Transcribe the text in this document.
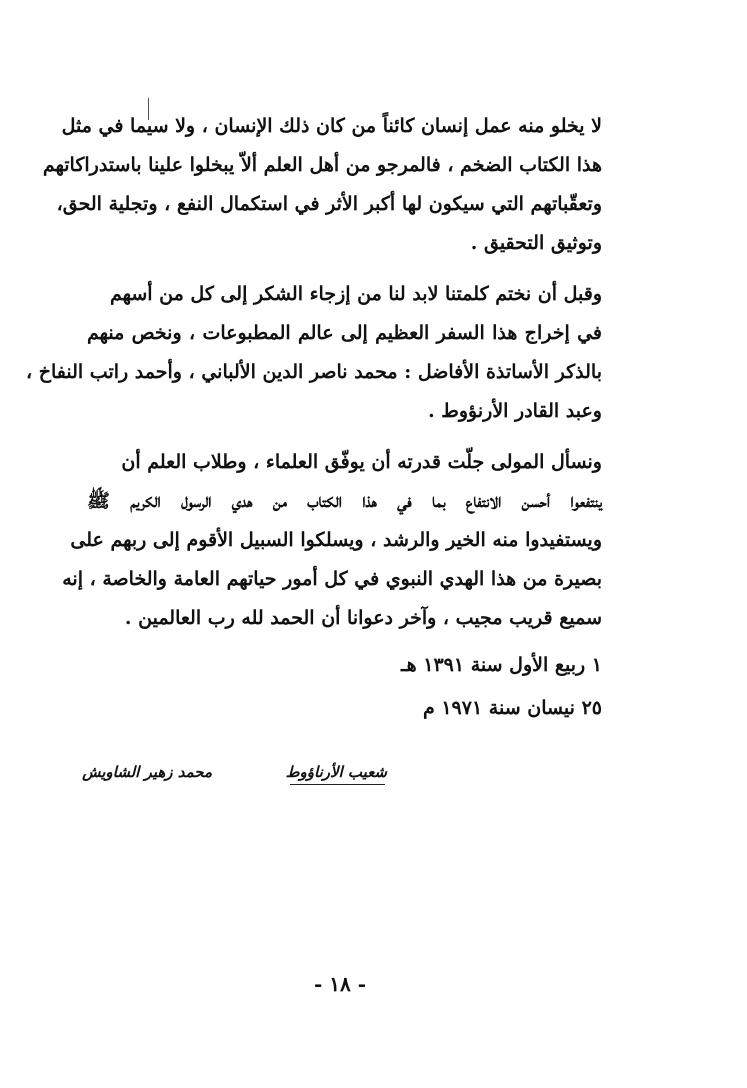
لا يخلو منه عمل إنسان كائناً من كان ذلك الإنسان ، ولا سيما في مثل
هذا الكتاب الضخم ، فالمرجو من أهل العلم ألاّ يبخلوا علينا باستدراكاتهم
وتعقّباتهم التي سيكون لها أكبر الأثر في استكمال النفع ، وتجلية الحق،
وتوثيق التحقيق .
وقبل أن نختم كلمتنا لابد لنا من إزجاء الشكر إلى كل من أسهم
في إخراج هذا السفر العظيم إلى عالم المطبوعات ، ونخص منهم
بالذكر الأساتذة الأفاضل : محمد ناصر الدين الألباني ، وأحمد راتب النفاخ ،
وعبد القادر الأرنؤوط .
ونسأل المولى جلّت قدرته أن يوفّق العلماء ، وطلاب العلم أن
ينتفعوا أحسن الانتفاع بما في هذا الكتاب من هدي الرسول الكريم ﷺ
ويستفيدوا منه الخير والرشد ، ويسلكوا السبيل الأقوم إلى ربهم على
بصيرة من هذا الهدي النبوي في كل أمور حياتهم العامة والخاصة ، إنه
سميع قريب مجيب ، وآخر دعوانا أن الحمد لله رب العالمين .
١ ربيع الأول سنة ١٣٩١ هـ
٢٥ نيسان سنة ١٩٧١ م
شعيب الأرناؤوط
محمد زهير الشاويش
- ١٨ -
